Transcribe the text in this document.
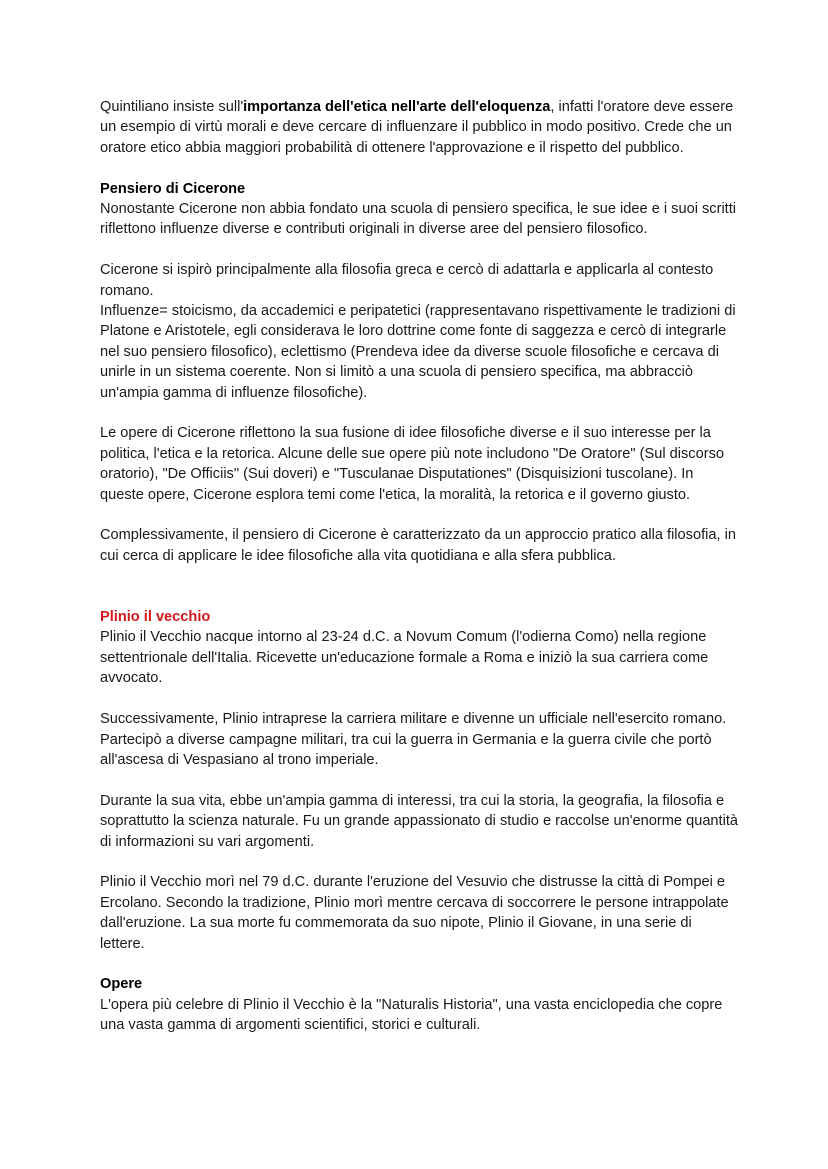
Quintiliano insiste sull'importanza dell'etica nell'arte dell'eloquenza, infatti l'oratore deve essere un esempio di virtù morali e deve cercare di influenzare il pubblico in modo positivo. Crede che un oratore etico abbia maggiori probabilità di ottenere l'approvazione e il rispetto del pubblico.

Pensiero di Cicerone

Nonostante Cicerone non abbia fondato una scuola di pensiero specifica, le sue idee e i suoi scritti riflettono influenze diverse e contributi originali in diverse aree del pensiero filosofico.

Cicerone si ispirò principalmente alla filosofia greca e cercò di adattarla e applicarla al contesto romano.

Influenze= stoicismo, da accademici e peripatetici (rappresentavano rispettivamente le tradizioni di Platone e Aristotele, egli considerava le loro dottrine come fonte di saggezza e cercò di integrarle nel suo pensiero filosofico), eclettismo (Prendeva idee da diverse scuole filosofiche e cercava di unirle in un sistema coerente. Non si limitò a una scuola di pensiero specifica, ma abbracciò un'ampia gamma di influenze filosofiche).

Le opere di Cicerone riflettono la sua fusione di idee filosofiche diverse e il suo interesse per la politica, l'etica e la retorica. Alcune delle sue opere più note includono "De Oratore" (Sul discorso oratorio), "De Officiis" (Sui doveri) e "Tusculanae Disputationes" (Disquisizioni tuscolane). In queste opere, Cicerone esplora temi come l'etica, la moralità, la retorica e il governo giusto.

Complessivamente, il pensiero di Cicerone è caratterizzato da un approccio pratico alla filosofia, in cui cerca di applicare le idee filosofiche alla vita quotidiana e alla sfera pubblica.

Plinio il vecchio

Plinio il Vecchio nacque intorno al 23-24 d.C. a Novum Comum (l'odierna Como) nella regione settentrionale dell'Italia. Ricevette un'educazione formale a Roma e iniziò la sua carriera come avvocato.

Successivamente, Plinio intraprese la carriera militare e divenne un ufficiale nell'esercito romano. Partecipò a diverse campagne militari, tra cui la guerra in Germania e la guerra civile che portò all'ascesa di Vespasiano al trono imperiale.

Durante la sua vita, ebbe un'ampia gamma di interessi, tra cui la storia, la geografia, la filosofia e soprattutto la scienza naturale. Fu un grande appassionato di studio e raccolse un'enorme quantità di informazioni su vari argomenti.

Plinio il Vecchio morì nel 79 d.C. durante l'eruzione del Vesuvio che distrusse la città di Pompei e Ercolano. Secondo la tradizione, Plinio morì mentre cercava di soccorrere le persone intrappolate dall'eruzione. La sua morte fu commemorata da suo nipote, Plinio il Giovane, in una serie di lettere.

Opere

L'opera più celebre di Plinio il Vecchio è la "Naturalis Historia", una vasta enciclopedia che copre una vasta gamma di argomenti scientifici, storici e culturali.
